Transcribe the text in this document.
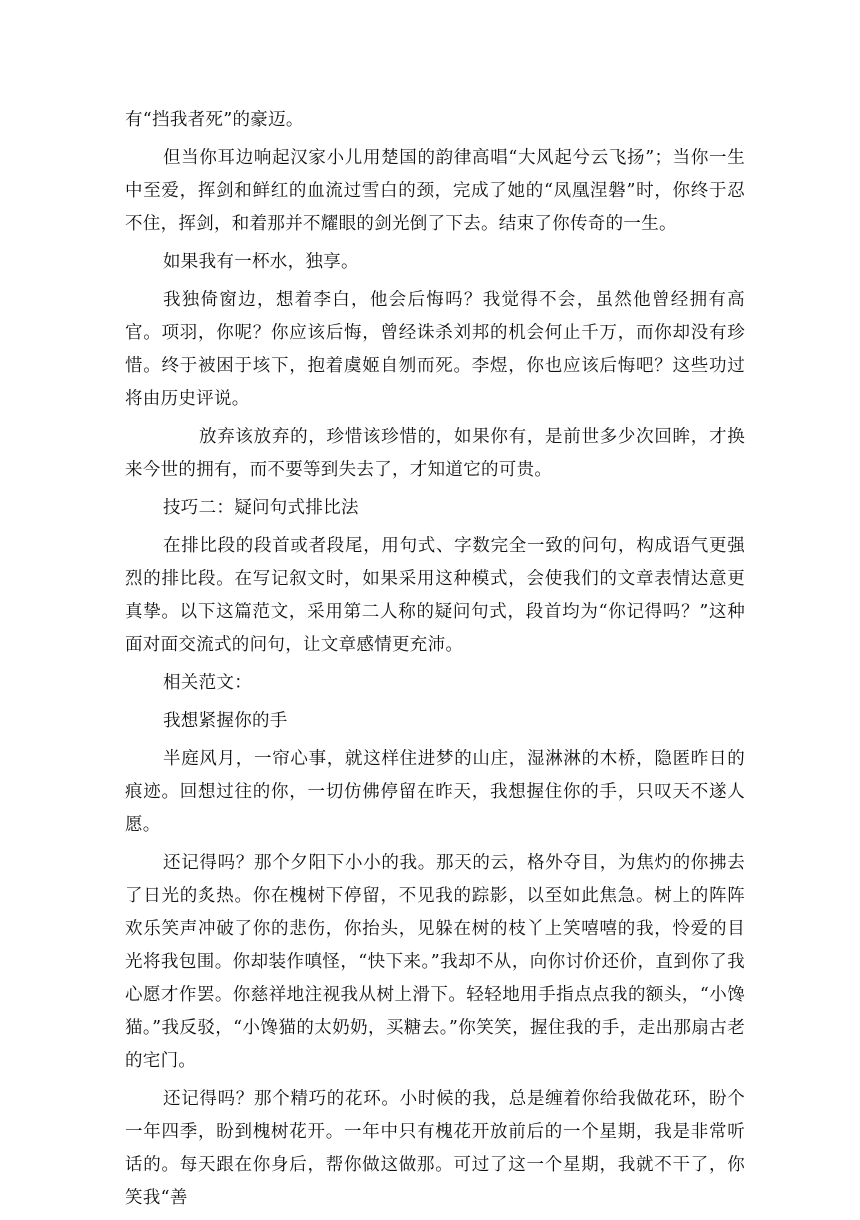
有“挡我者死”的豪迈。

但当你耳边响起汉家小儿用楚国的韵律高唱“大风起兮云飞扬”；当你一生中至爱，挥剑和鲜红的血流过雪白的颈，完成了她的“凤凰涅磐”时，你终于忍不住，挥剑，和着那并不耀眼的剑光倒了下去。结束了你传奇的一生。

如果我有一杯水，独享。

我独倚窗边，想着李白，他会后悔吗？我觉得不会，虽然他曾经拥有高官。项羽，你呢？你应该后悔，曾经诛杀刘邦的机会何止千万，而你却没有珍惜。终于被困于垓下，抱着虞姬自刎而死。李煜，你也应该后悔吧？这些功过将由历史评说。

放弃该放弃的，珍惜该珍惜的，如果你有，是前世多少次回眸，才换来今世的拥有，而不要等到失去了，才知道它的可贵。

技巧二：疑问句式排比法

在排比段的段首或者段尾，用句式、字数完全一致的问句，构成语气更强烈的排比段。在写记叙文时，如果采用这种模式，会使我们的文章表情达意更真挚。以下这篇范文，采用第二人称的疑问句式，段首均为“你记得吗？”这种面对面交流式的问句，让文章感情更充沛。

相关范文：

我想紧握你的手

半庭风月，一帘心事，就这样住进梦的山庄，湿淋淋的木桥，隐匿昨日的痕迹。回想过往的你，一切仿佛停留在昨天，我想握住你的手，只叹天不遂人愿。

还记得吗？那个夕阳下小小的我。那天的云，格外夺目，为焦灼的你拂去了日光的炙热。你在槐树下停留，不见我的踪影，以至如此焦急。树上的阵阵欢乐笑声冲破了你的悲伤，你抬头，见躲在树的枝丫上笑嘻嘻的我，怜爱的目光将我包围。你却装作嗔怪，“快下来。”我却不从，向你讨价还价，直到你了我心愿才作罢。你慈祥地注视我从树上滑下。轻轻地用手指点点我的额头，“小馋猫。”我反驳，“小馋猫的太奶奶，买糖去。”你笑笑，握住我的手，走出那扇古老的宅门。

还记得吗？那个精巧的花环。小时候的我，总是缠着你给我做花环，盼个一年四季，盼到槐树花开。一年中只有槐花开放前后的一个星期，我是非常听话的。每天跟在你身后，帮你做这做那。可过了这一个星期，我就不干了，你笑我“善
